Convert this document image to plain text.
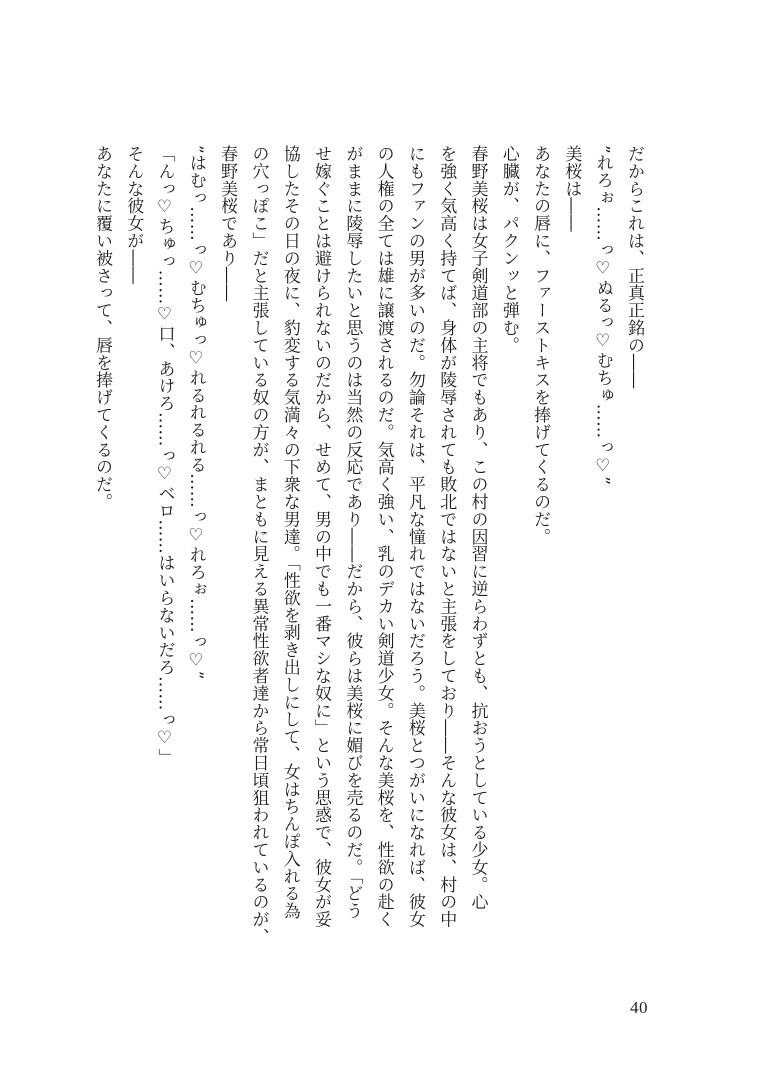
だからこれは、正真正銘の――

”れろぉ……っ♡ぬるっ♡むちゅ……っ♡”

美桜は――

あなたの唇に、ファーストキスを捧げてくるのだ。

心臓が、パクンッと弾む。

春野美桜は女子剣道部の主将でもあり、この村の因習に逆らわずとも、抗おうとしている少女。心

を強く気高く持てば、身体が陵辱されても敗北ではないと主張をしており――そんな彼女は、村の中

にもファンの男が多いのだ。勿論それは、平凡な憧れではないだろう。美桜とつがいになれば、彼女

の人権の全ては雄に譲渡されるのだ。気高く強い、乳のデカい剣道少女。そんな美桜を、性欲の赴く

がままに陵辱したいと思うのは当然の反応であり――だから、彼らは美桜に媚びを売るのだ。「どう

せ嫁ぐことは避けられないのだから、せめて、男の中でも一番マシな奴に」という思惑で、彼女が妥

協したその日の夜に、豹変する気満々の下衆な男達。「性欲を剥き出しにして、女はちんぽ入れる為

の穴っぽこ」だと主張している奴の方が、まともに見える異常性欲者達から常日頃狙われているのが、

春野美桜であり――

”はむっ……っ♡むちゅっ♡れるれるれる……っ♡れろぉ……っ♡”

「んっ♡ちゅっ……♡口、あけろ……っ♡ベロ……はいらないだろ……っ♡」

そんな彼女が――

あなたに覆い被さって、唇を捧げてくるのだ。

40
